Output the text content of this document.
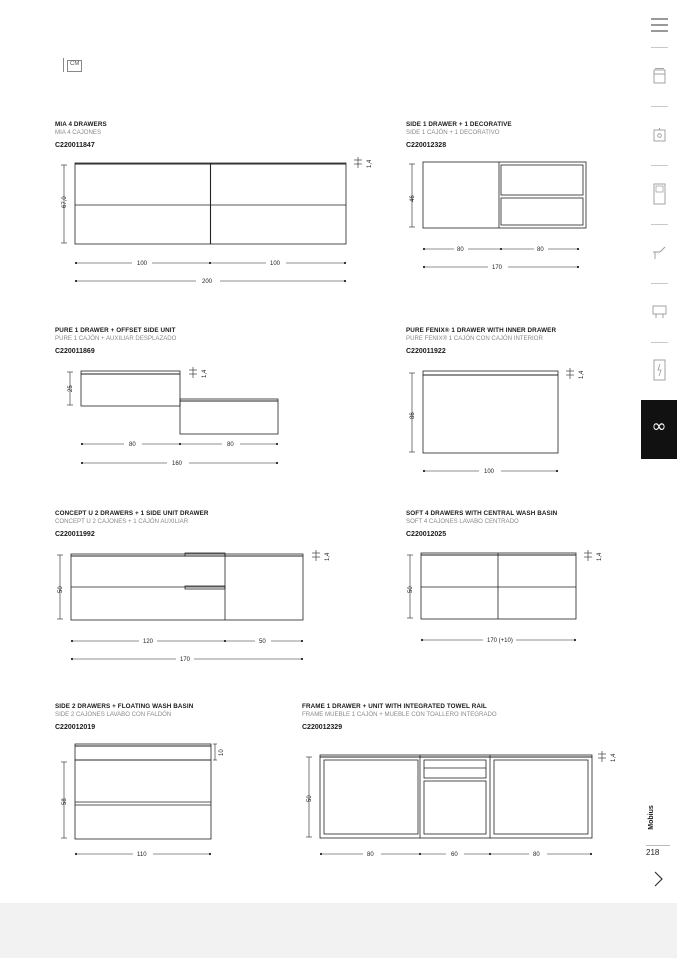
CM
MIA 4 DRAWERS
MIA 4 CAJONES
C220011847
SIDE 1 DRAWER + 1 DECORATIVE
SIDE 1 CAJÓN + 1 DECORATIVO
C220012328
PURE 1 DRAWER + OFFSET SIDE UNIT
PURE 1 CAJÓN + AUXILIAR DESPLAZADO
C220011869
PURE FENIX® 1 DRAWER WITH INNER DRAWER
PURE FENIX® 1 CAJÓN CON CAJÓN INTERIOR
C220011922
CONCEPT U 2 DRAWERS + 1 SIDE UNIT DRAWER
CONCEPT U 2 CAJONES + 1 CAJÓN AUXILIAR
C220011992
SOFT 4 DRAWERS WITH CENTRAL WASH BASIN
SOFT 4 CAJONES LAVABO CENTRADO
C220012025
SIDE 2 DRAWERS + FLOATING WASH BASIN
SIDE 2 CAJONES LAVABO CON FALDÓN
C220012019
FRAME 1 DRAWER + UNIT WITH INTEGRATED TOWEL RAIL
FRAME MUEBLE 1 CAJÓN + MUEBLE CON TOALLERO INTEGRADO
C220012329
67,0
1,4
100	100
200
46
80	80
170
25
1,4
80	80
160
86
1,4
100
50
1,4
120	50
170
50
1,4
170 (+10)
58
10
110
50
1,4
80	60	80
∞
Mobius
218
